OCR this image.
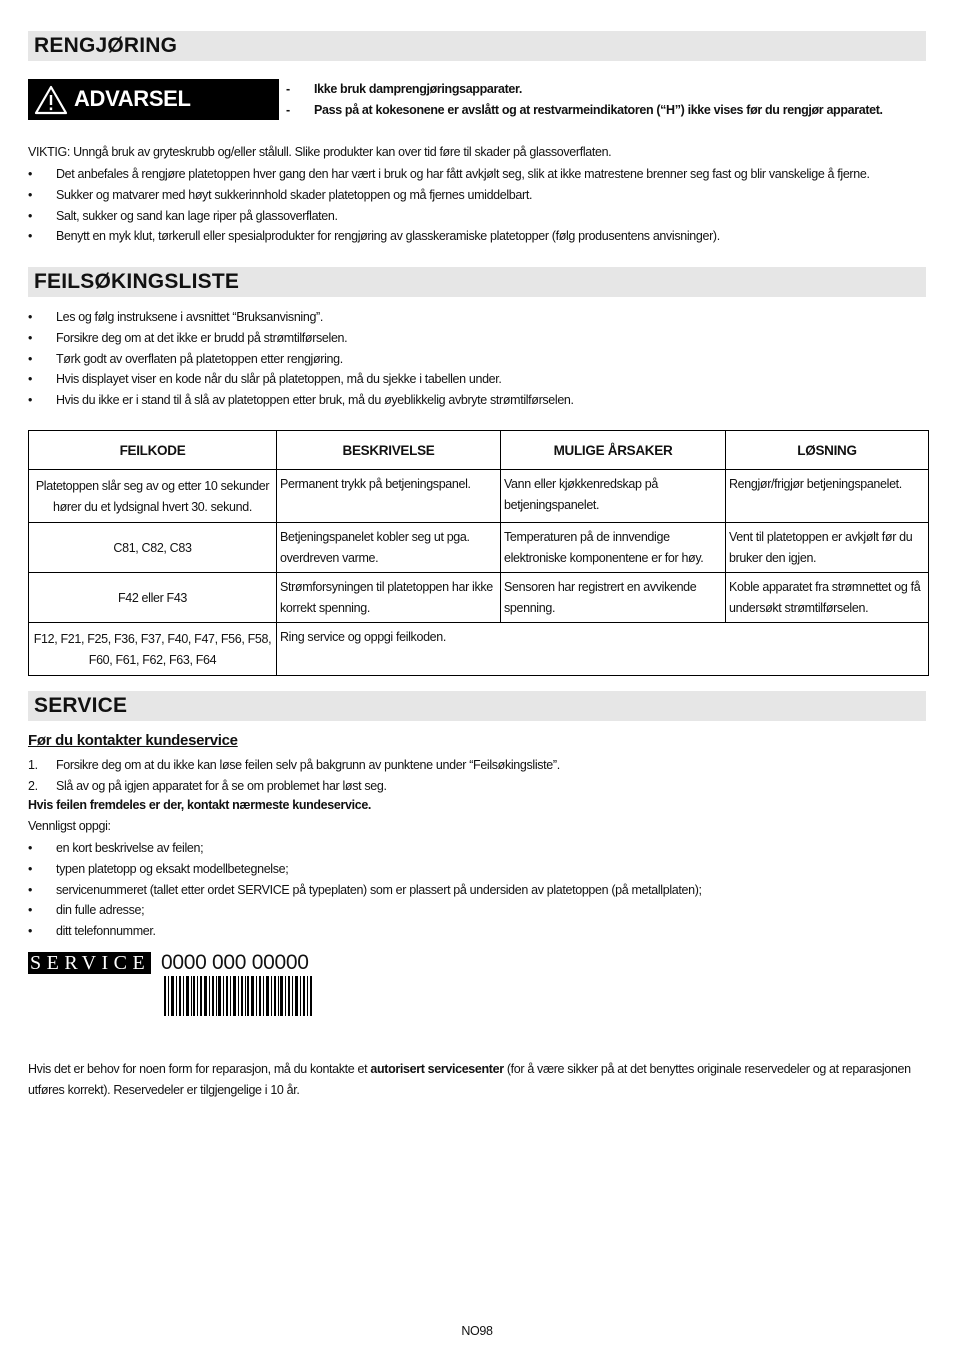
RENGJØRING
ADVARSEL	- Ikke bruk damprengjøringsapparater.
- Pass på at kokesonene er avslått og at restvarmeindikatoren (“H”) ikke vises før du rengjør apparatet.
VIKTIG: Unngå bruk av gryteskrubb og/eller stålull. Slike produkter kan over tid føre til skader på glassoverflaten.
• Det anbefales å rengjøre platetoppen hver gang den har vært i bruk og har fått avkjølt seg, slik at ikke matrestene brenner seg fast og blir vanskelige å fjerne.
• Sukker og matvarer med høyt sukkerinnhold skader platetoppen og må fjernes umiddelbart.
• Salt, sukker og sand kan lage riper på glassoverflaten.
• Benytt en myk klut, tørkerull eller spesialprodukter for rengjøring av glasskeramiske platetopper (følg produsentens anvisninger).
FEILSØKINGSLISTE
• Les og følg instruksene i avsnittet “Bruksanvisning”.
• Forsikre deg om at det ikke er brudd på strømtilførselen.
• Tørk godt av overflaten på platetoppen etter rengjøring.
• Hvis displayet viser en kode når du slår på platetoppen, må du sjekke i tabellen under.
• Hvis du ikke er i stand til å slå av platetoppen etter bruk, må du øyeblikkelig avbryte strømtilførselen.
FEILKODE	BESKRIVELSE	MULIGE ÅRSAKER	LØSNING
Platetoppen slår seg av og etter 10 sekunder hører du et lydsignal hvert 30. sekund.	Permanent trykk på betjeningspanel.	Vann eller kjøkkenredskap på betjeningspanelet.	Rengjør/frigjør betjeningspanelet.
C81, C82, C83	Betjeningspanelet kobler seg ut pga. overdreven varme.	Temperaturen på de innvendige elektroniske komponentene er for høy.	Vent til platetoppen er avkjølt før du bruker den igjen.
F42 eller F43	Strømforsyningen til platetoppen har ikke korrekt spenning.	Sensoren har registrert en avvikende spenning.	Koble apparatet fra strømnettet og få undersøkt strømtilførselen.
F12, F21, F25, F36, F37, F40, F47, F56, F58, F60, F61, F62, F63, F64	Ring service og oppgi feilkoden.		
SERVICE
Før du kontakter kundeservice
1. Forsikre deg om at du ikke kan løse feilen selv på bakgrunn av punktene under “Feilsøkingsliste”.
2. Slå av og på igjen apparatet for å se om problemet har løst seg.
Hvis feilen fremdeles er der, kontakt nærmeste kundeservice.
Vennligst oppgi:
• en kort beskrivelse av feilen;
• typen platetopp og eksakt modellbetegnelse;
• servicenummeret (tallet etter ordet SERVICE på typeplaten) som er plassert på undersiden av platetoppen (på metallplaten);
• din fulle adresse;
• ditt telefonnummer.
SERVICE 0000 000 00000
Hvis det er behov for noen form for reparasjon, må du kontakte et autorisert servicesenter (for å være sikker på at det benyttes originale reservedeler og at reparasjonen utføres korrekt). Reservedeler er tilgjengelige i 10 år.
NO98
